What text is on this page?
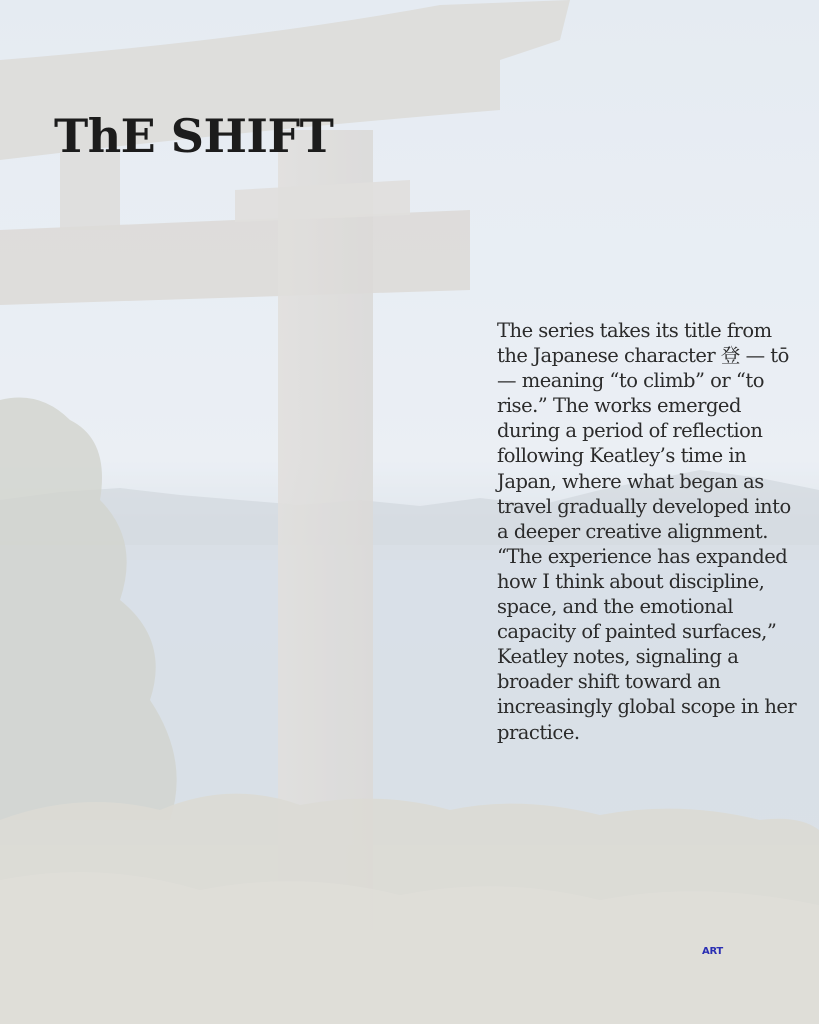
ThE SHIFT

The series takes its title from the Japanese character 登 — tō — meaning “to climb” or “to rise.” The works emerged during a period of reflection following Keatley’s time in Japan, where what began as travel gradually developed into a deeper creative alignment. “The experience has expanded how I think about discipline, space, and the emotional capacity of painted surfaces,” Keatley notes, signaling a broader shift toward an increasingly global scope in her practice.

ART
